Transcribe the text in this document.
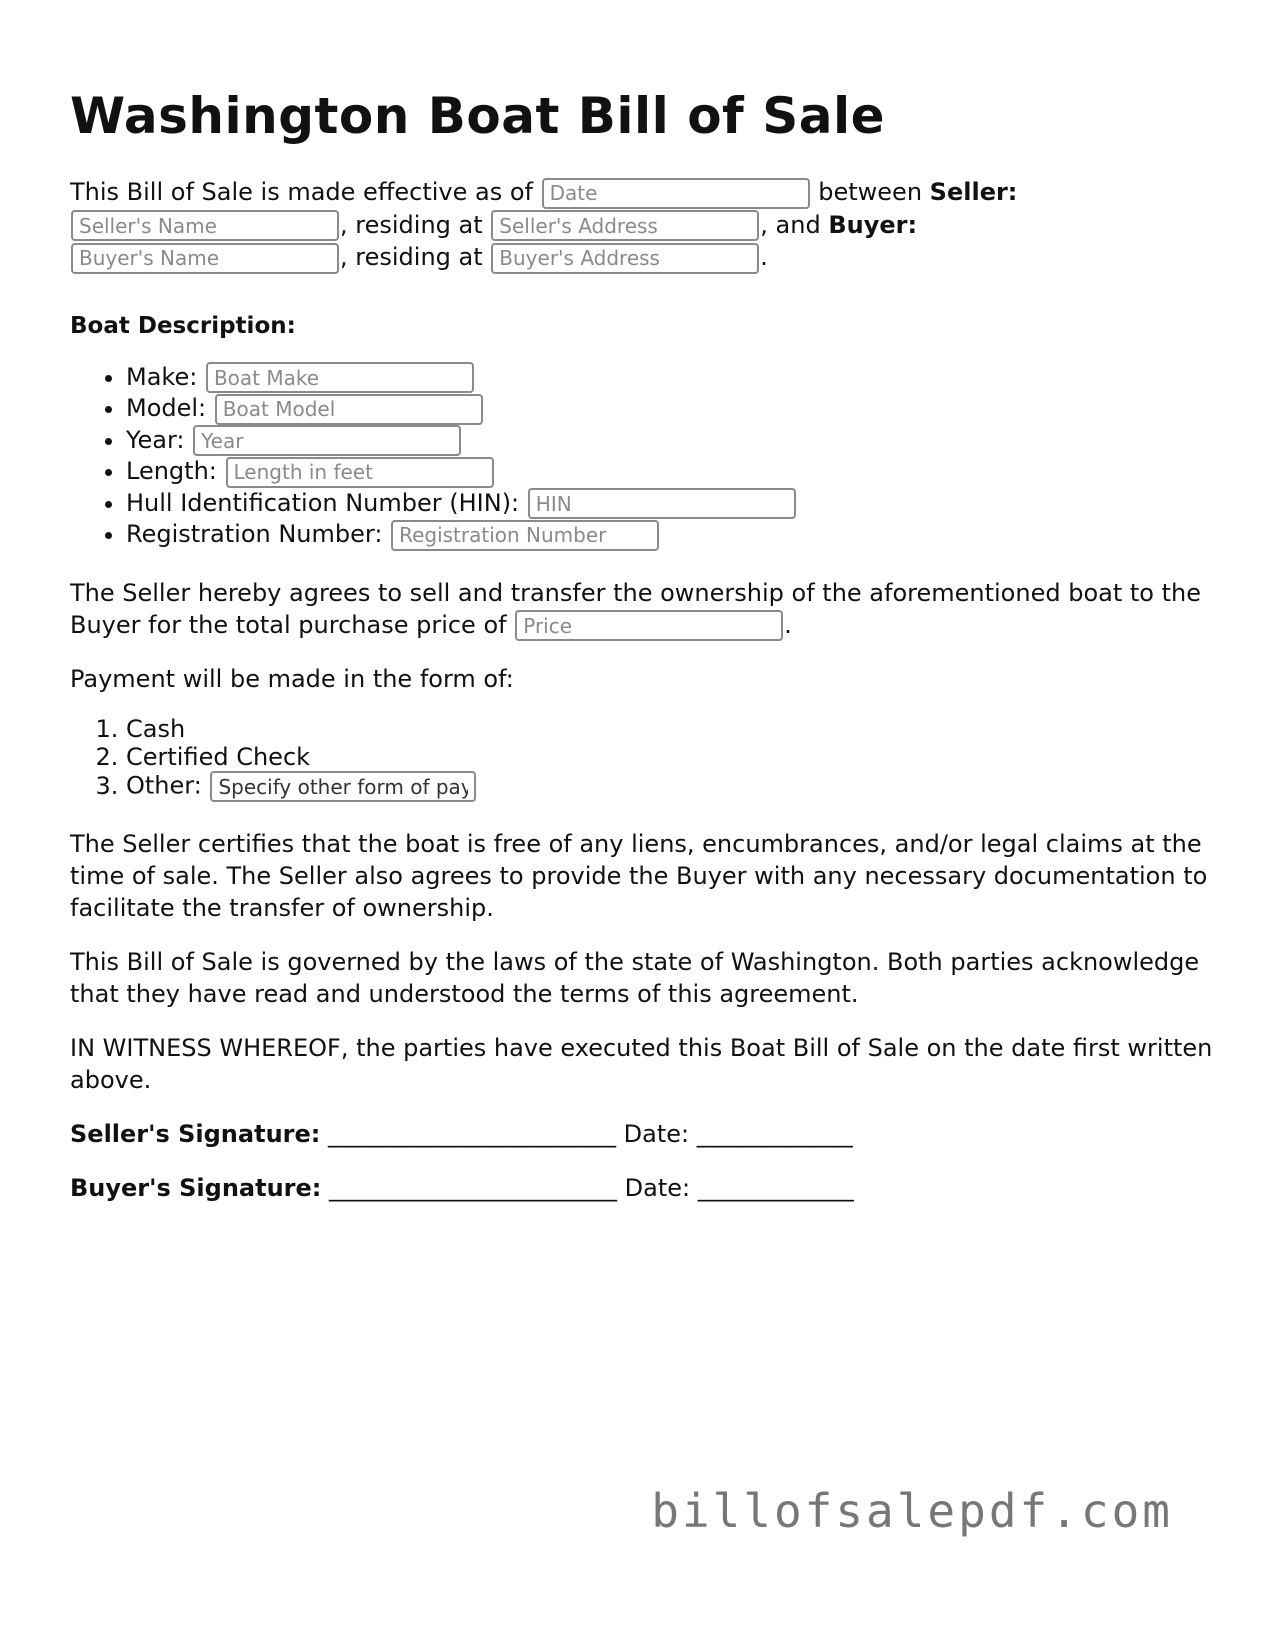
Washington Boat Bill of Sale

This Bill of Sale is made effective as of Date	between Seller:
Seller's Name, residing at Seller's Address	, and Buyer:
Buyer's Name, residing at Buyer's Address	.

Boat Description:
• Make: Boat Make
• Model: Boat Model
• Year: Year
• Length: Length in feet
• Hull Identification Number (HIN): HIN
• Registration Number: Registration Number

The Seller hereby agrees to sell and transfer the ownership of the aforementioned boat to the Buyer for the total purchase price of Price	.

Payment will be made in the form of:

1. Cash
2. Certified Check
3. Other: Specify other form of payr

The Seller certifies that the boat is free of any liens, encumbrances, and/or legal claims at the time of sale. The Seller also agrees to provide the Buyer with any necessary documentation to facilitate the transfer of ownership.

This Bill of Sale is governed by the laws of the state of Washington. Both parties acknowledge that they have read and understood the terms of this agreement.

IN WITNESS WHEREOF, the parties have executed this Boat Bill of Sale on the date first written above.

Seller's Signature: ________________________ Date: _____________

Buyer's Signature: ________________________ Date: _____________

billofsalepdf.com
